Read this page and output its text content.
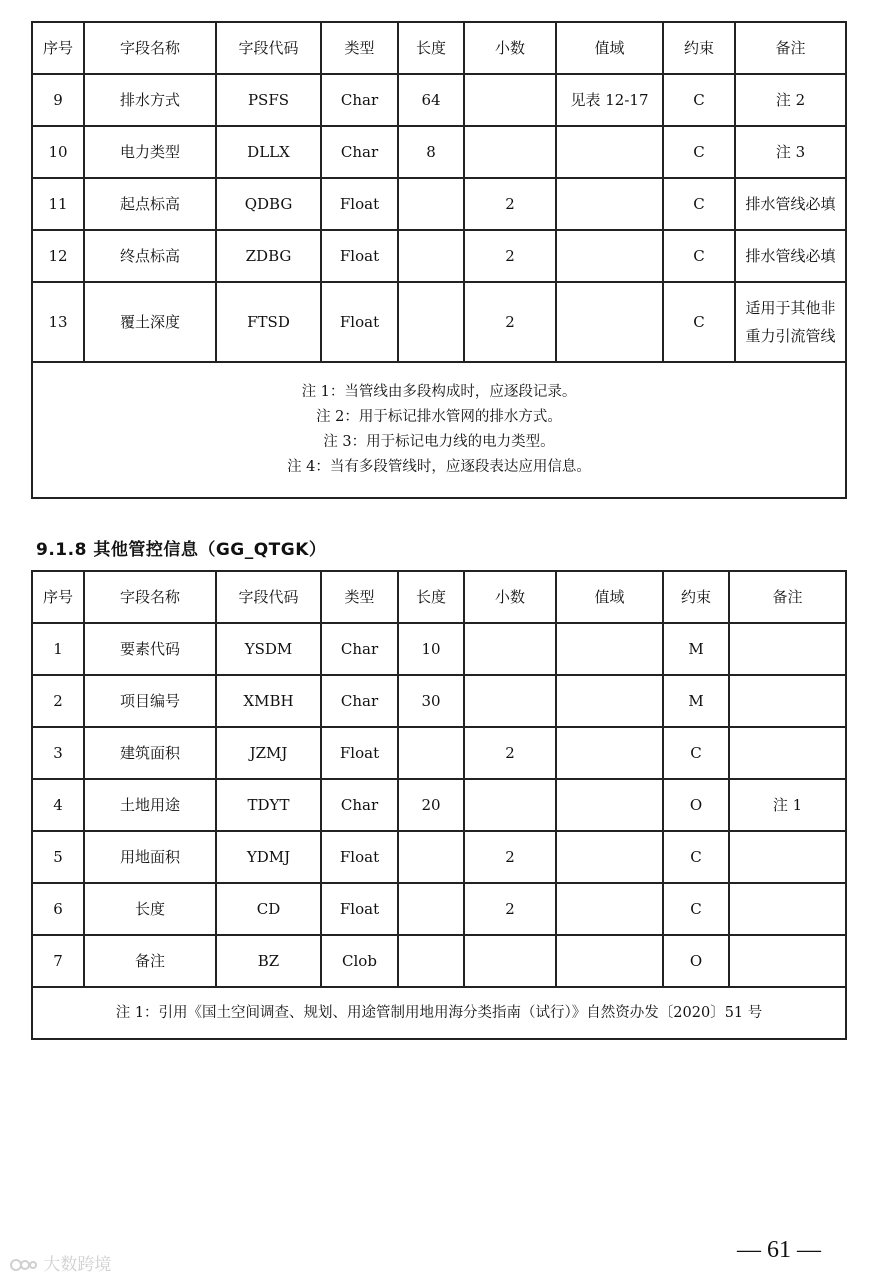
序号	字段名称	字段代码	类型	长度	小数	值域	约束	备注
9	排水方式	PSFS	Char	64		见表 12-17	C	注 2
10	电力类型	DLLX	Char	8			C	注 3
11	起点标高	QDBG	Float		2		C	排水管线必填
12	终点标高	ZDBG	Float		2		C	排水管线必填
13	覆土深度	FTSD	Float		2		C	适用于其他非重力引流管线

注 1：当管线由多段构成时，应逐段记录。
注 2：用于标记排水管网的排水方式。
注 3：用于标记电力线的电力类型。
注 4：当有多段管线时，应逐段表达应用信息。								
9.1.8 其他管控信息（GG_QTGK）
序号	字段名称	字段代码	类型	长度	小数	值域	约束	备注
1	要素代码	YSDM	Char	10			M	
2	项目编号	XMBH	Char	30			M	
3	建筑面积	JZMJ	Float		2		C	
4	土地用途	TDYT	Char	20			O	注 1
5	用地面积	YDMJ	Float		2		C	
6	长度	CD	Float		2		C	
7	备注	BZ	Clob				O	

注 1：引用《国土空间调查、规划、用途管制用地用海分类指南（试行）》自然资办发〔2020〕51 号								
— 61 —
大数跨境
